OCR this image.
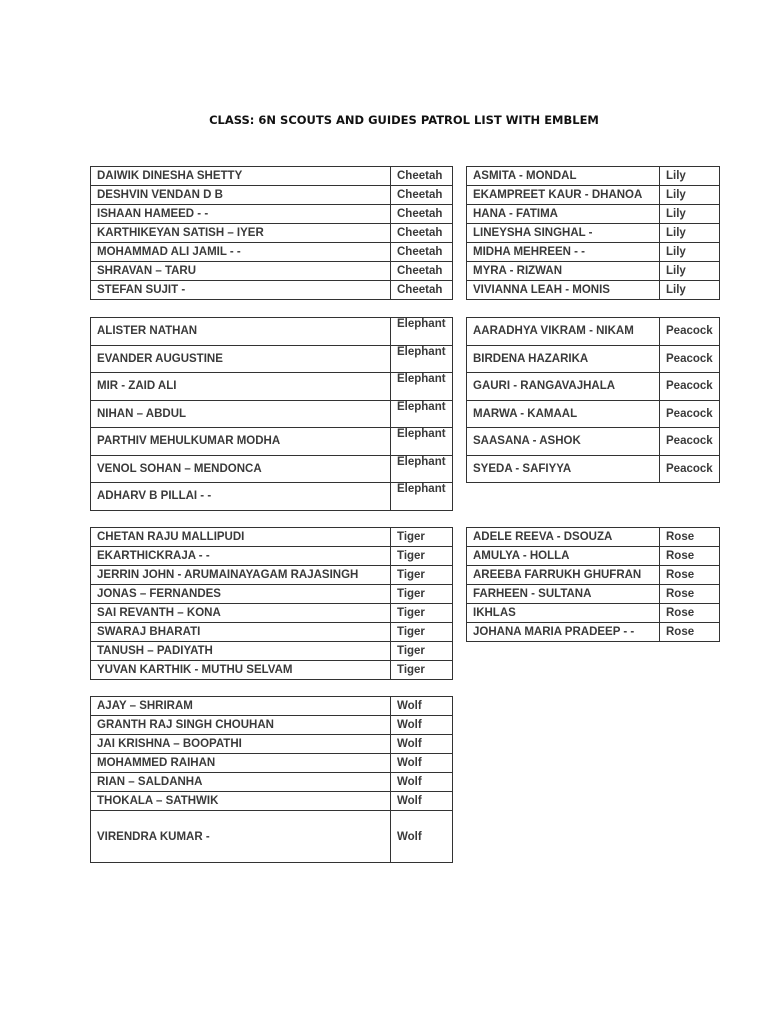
CLASS: 6N SCOUTS AND GUIDES PATROL LIST WITH EMBLEM
DAIWIK DINESHA SHETTY	Cheetah
DESHVIN VENDAN D B	Cheetah
ISHAAN HAMEED - -	Cheetah
KARTHIKEYAN SATISH – IYER	Cheetah
MOHAMMAD ALI JAMIL - -	Cheetah
SHRAVAN – TARU	Cheetah
STEFAN SUJIT -	Cheetah
ASMITA - MONDAL	Lily
EKAMPREET KAUR - DHANOA	Lily
HANA - FATIMA	Lily
LINEYSHA SINGHAL -	Lily
MIDHA MEHREEN - -	Lily
MYRA - RIZWAN	Lily
VIVIANNA LEAH - MONIS	Lily
ALISTER NATHAN	Elephant
EVANDER AUGUSTINE	Elephant
MIR - ZAID ALI	Elephant
NIHAN – ABDUL	Elephant
PARTHIV MEHULKUMAR MODHA	Elephant
VENOL SOHAN – MENDONCA	Elephant
ADHARV B PILLAI - -	Elephant
AARADHYA VIKRAM - NIKAM	Peacock
BIRDENA HAZARIKA	Peacock
GAURI - RANGAVAJHALA	Peacock
MARWA - KAMAAL	Peacock
SAASANA - ASHOK	Peacock
SYEDA - SAFIYYA	Peacock
CHETAN RAJU MALLIPUDI	Tiger
EKARTHICKRAJA - -	Tiger
JERRIN JOHN - ARUMAINAYAGAM RAJASINGH	Tiger
JONAS – FERNANDES	Tiger
SAI REVANTH – KONA	Tiger
SWARAJ BHARATI	Tiger
TANUSH – PADIYATH	Tiger
YUVAN KARTHIK - MUTHU SELVAM	Tiger
ADELE REEVA - DSOUZA	Rose
AMULYA - HOLLA	Rose
AREEBA FARRUKH GHUFRAN	Rose
FARHEEN - SULTANA	Rose
IKHLAS	Rose
JOHANA MARIA PRADEEP - -	Rose
AJAY – SHRIRAM	Wolf
GRANTH RAJ SINGH CHOUHAN	Wolf
JAI KRISHNA – BOOPATHI	Wolf
MOHAMMED RAIHAN	Wolf
RIAN – SALDANHA	Wolf
THOKALA – SATHWIK	Wolf
VIRENDRA KUMAR -	Wolf
